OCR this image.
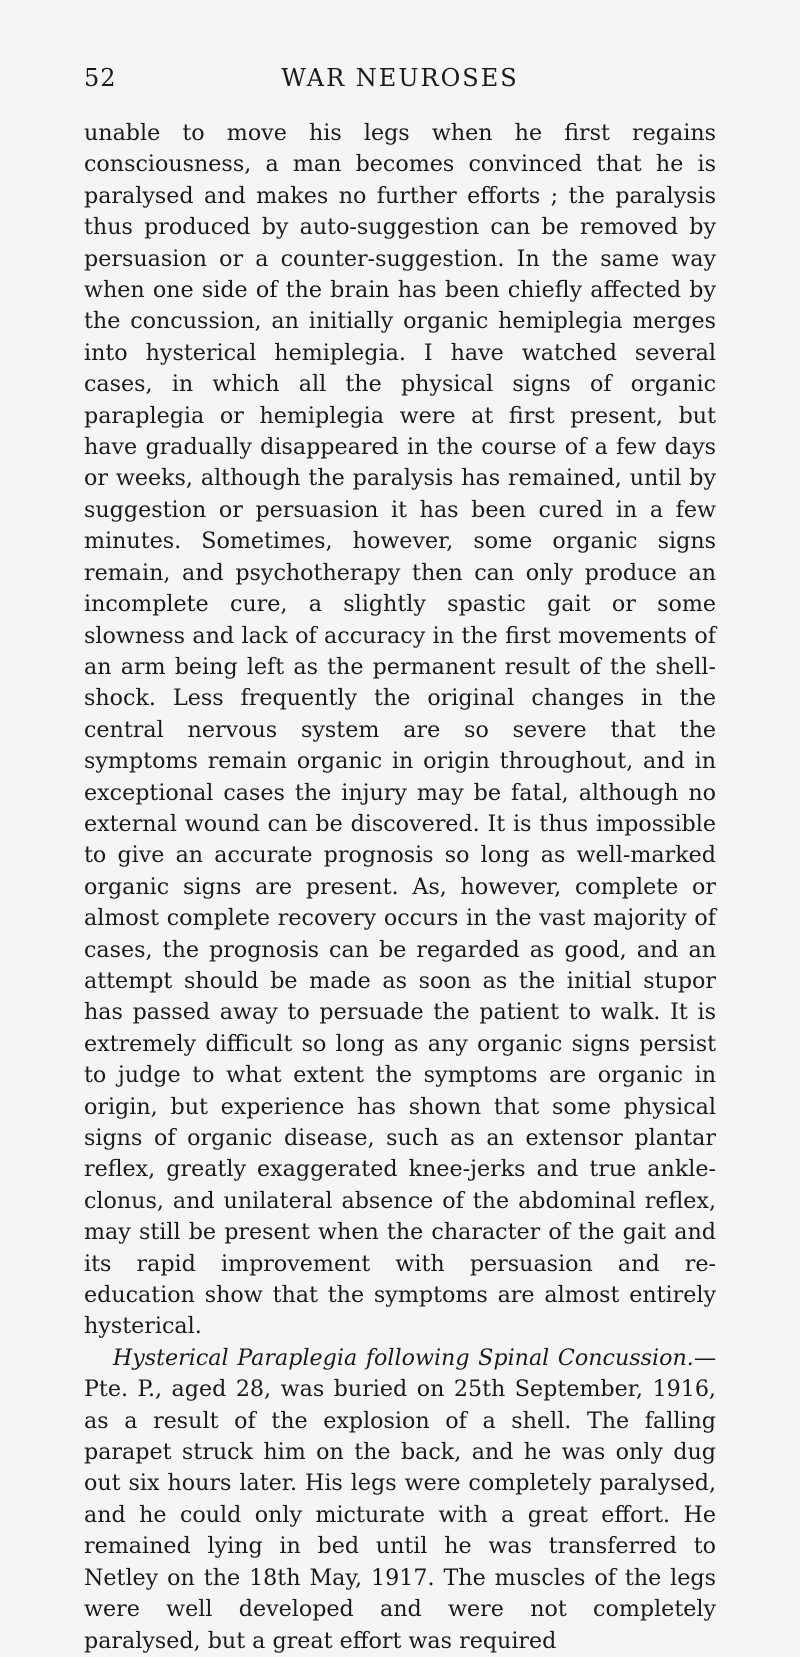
52	WAR NEUROSES

unable to move his legs when he first regains consciousness, a man becomes convinced that he is paralysed and makes no further efforts ; the paralysis thus produced by auto-suggestion can be removed by persuasion or a counter-suggestion. In the same way when one side of the brain has been chiefly affected by the concussion, an initially organic hemiplegia merges into hysterical hemiplegia. I have watched several cases, in which all the physical signs of organic paraplegia or hemiplegia were at first present, but have gradually disappeared in the course of a few days or weeks, although the paralysis has remained, until by suggestion or persuasion it has been cured in a few minutes. Sometimes, however, some organic signs remain, and psychotherapy then can only produce an incomplete cure, a slightly spastic gait or some slowness and lack of accuracy in the first movements of an arm being left as the permanent result of the shell-shock. Less frequently the original changes in the central nervous system are so severe that the symptoms remain organic in origin throughout, and in exceptional cases the injury may be fatal, although no external wound can be discovered. It is thus impossible to give an accurate prognosis so long as well-marked organic signs are present. As, however, complete or almost complete recovery occurs in the vast majority of cases, the prognosis can be regarded as good, and an attempt should be made as soon as the initial stupor has passed away to persuade the patient to walk. It is extremely difficult so long as any organic signs persist to judge to what extent the symptoms are organic in origin, but experience has shown that some physical signs of organic disease, such as an extensor plantar reflex, greatly exaggerated knee-jerks and true ankle-clonus, and unilateral absence of the abdominal reflex, may still be present when the character of the gait and its rapid improvement with persuasion and re-education show that the symptoms are almost entirely hysterical.

Hysterical Paraplegia following Spinal Concussion.—Pte. P., aged 28, was buried on 25th September, 1916, as a result of the explosion of a shell. The falling parapet struck him on the back, and he was only dug out six hours later. His legs were completely paralysed, and he could only micturate with a great effort. He remained lying in bed until he was transferred to Netley on the 18th May, 1917. The muscles of the legs were well developed and were not completely paralysed, but a great effort was required
